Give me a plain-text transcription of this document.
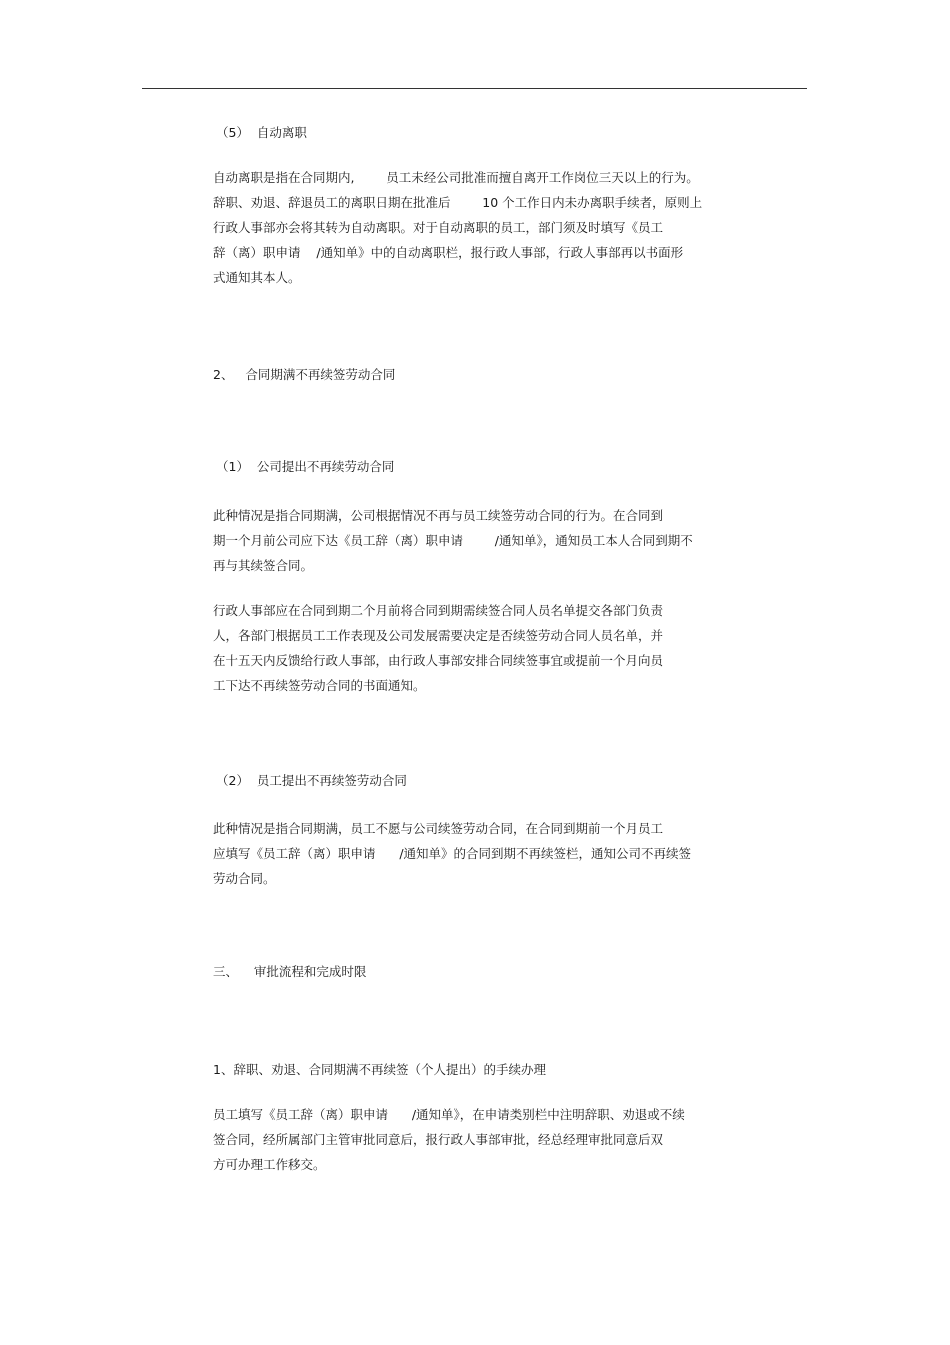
（5）  自动离职
自动离职是指在合同期内,        员工未经公司批准而擅自离开工作岗位三天以上的行为。
辞职、劝退、辞退员工的离职日期在批准后        10 个工作日内未办离职手续者，原则上
行政人事部亦会将其转为自动离职。对于自动离职的员工，部门须及时填写《员工
辞（离）职申请    /通知单》中的自动离职栏，报行政人事部，行政人事部再以书面形
式通知其本人。
2、   合同期满不再续签劳动合同
（1）  公司提出不再续劳动合同
此种情况是指合同期满，公司根据情况不再与员工续签劳动合同的行为。在合同到
期一个月前公司应下达《员工辞（离）职申请        /通知单》，通知员工本人合同到期不
再与其续签合同。
行政人事部应在合同到期二个月前将合同到期需续签合同人员名单提交各部门负责
人，各部门根据员工工作表现及公司发展需要决定是否续签劳动合同人员名单，并
在十五天内反馈给行政人事部，由行政人事部安排合同续签事宜或提前一个月向员
工下达不再续签劳动合同的书面通知。
（2）  员工提出不再续签劳动合同
此种情况是指合同期满，员工不愿与公司续签劳动合同，在合同到期前一个月员工
应填写《员工辞（离）职申请      /通知单》的合同到期不再续签栏，通知公司不再续签
劳动合同。
三、    审批流程和完成时限
1、辞职、劝退、合同期满不再续签（个人提出）的手续办理
员工填写《员工辞（离）职申请      /通知单》，在申请类别栏中注明辞职、劝退或不续
签合同，经所属部门主管审批同意后，报行政人事部审批，经总经理审批同意后双
方可办理工作移交。
